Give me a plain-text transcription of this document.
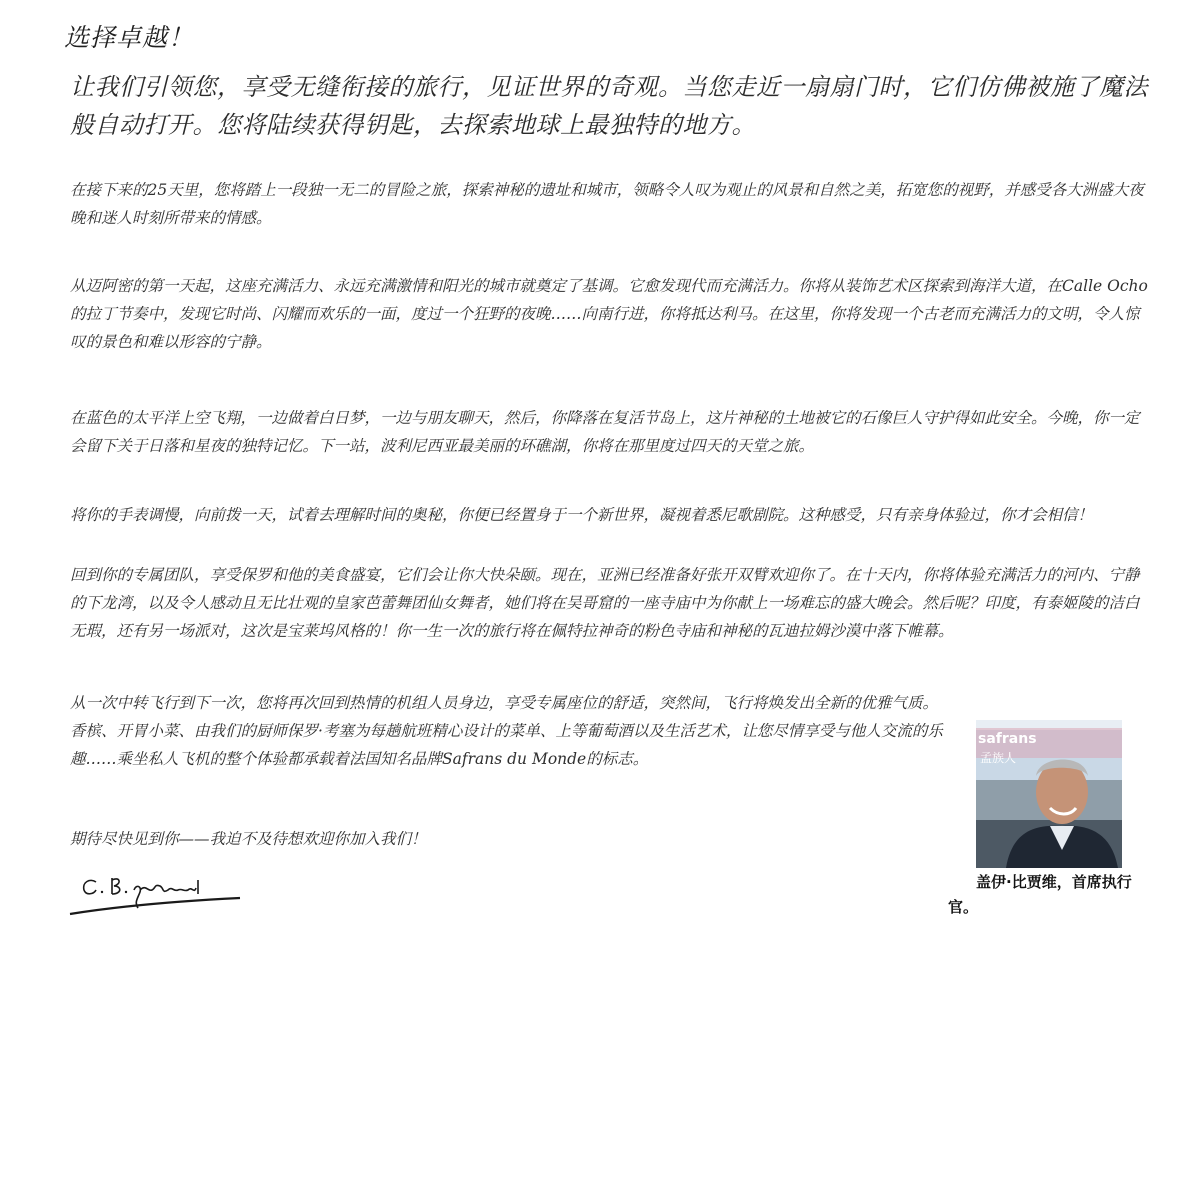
选择卓越！

让我们引领您，享受无缝衔接的旅行，见证世界的奇观。当您走近一扇扇门时，它们仿佛被施了魔法般自动打开。您将陆续获得钥匙，去探索地球上最独特的地方。

在接下来的25天里，您将踏上一段独一无二的冒险之旅，探索神秘的遗址和城市，领略令人叹为观止的风景和自然之美，拓宽您的视野，并感受各大洲盛大夜晚和迷人时刻所带来的情感。

从迈阿密的第一天起，这座充满活力、永远充满激情和阳光的城市就奠定了基调。它愈发现代而充满活力。你将从装饰艺术区探索到海洋大道，在Calle Ocho的拉丁节奏中，发现它时尚、闪耀而欢乐的一面，度过一个狂野的夜晚……向南行进，你将抵达利马。在这里，你将发现一个古老而充满活力的文明，令人惊叹的景色和难以形容的宁静。

在蓝色的太平洋上空飞翔，一边做着白日梦，一边与朋友聊天，然后，你降落在复活节岛上，这片神秘的土地被它的石像巨人守护得如此安全。今晚，你一定会留下关于日落和星夜的独特记忆。下一站，波利尼西亚最美丽的环礁湖，你将在那里度过四天的天堂之旅。

将你的手表调慢，向前拨一天，试着去理解时间的奥秘，你便已经置身于一个新世界，凝视着悉尼歌剧院。这种感受，只有亲身体验过，你才会相信！

回到你的专属团队，享受保罗和他的美食盛宴，它们会让你大快朵颐。现在，亚洲已经准备好张开双臂欢迎你了。在十天内，你将体验充满活力的河内、宁静的下龙湾，以及令人感动且无比壮观的皇家芭蕾舞团仙女舞者，她们将在吴哥窟的一座寺庙中为你献上一场难忘的盛大晚会。然后呢？印度，有泰姬陵的洁白无瑕，还有另一场派对，这次是宝莱坞风格的！你一生一次的旅行将在佩特拉神奇的粉色寺庙和神秘的瓦迪拉姆沙漠中落下帷幕。

从一次中转飞行到下一次，您将再次回到热情的机组人员身边，享受专属座位的舒适，突然间，飞行将焕发出全新的优雅气质。香槟、开胃小菜、由我们的厨师保罗·考塞为每趟航班精心设计的菜单、上等葡萄酒以及生活艺术，让您尽情享受与他人交流的乐趣……乘坐私人飞机的整个体验都承载着法国知名品牌Safrans du Monde的标志。

期待尽快见到你——我迫不及待想欢迎你加入我们！

safrans
孟族人
盖伊·比贾维，首席执行官。
